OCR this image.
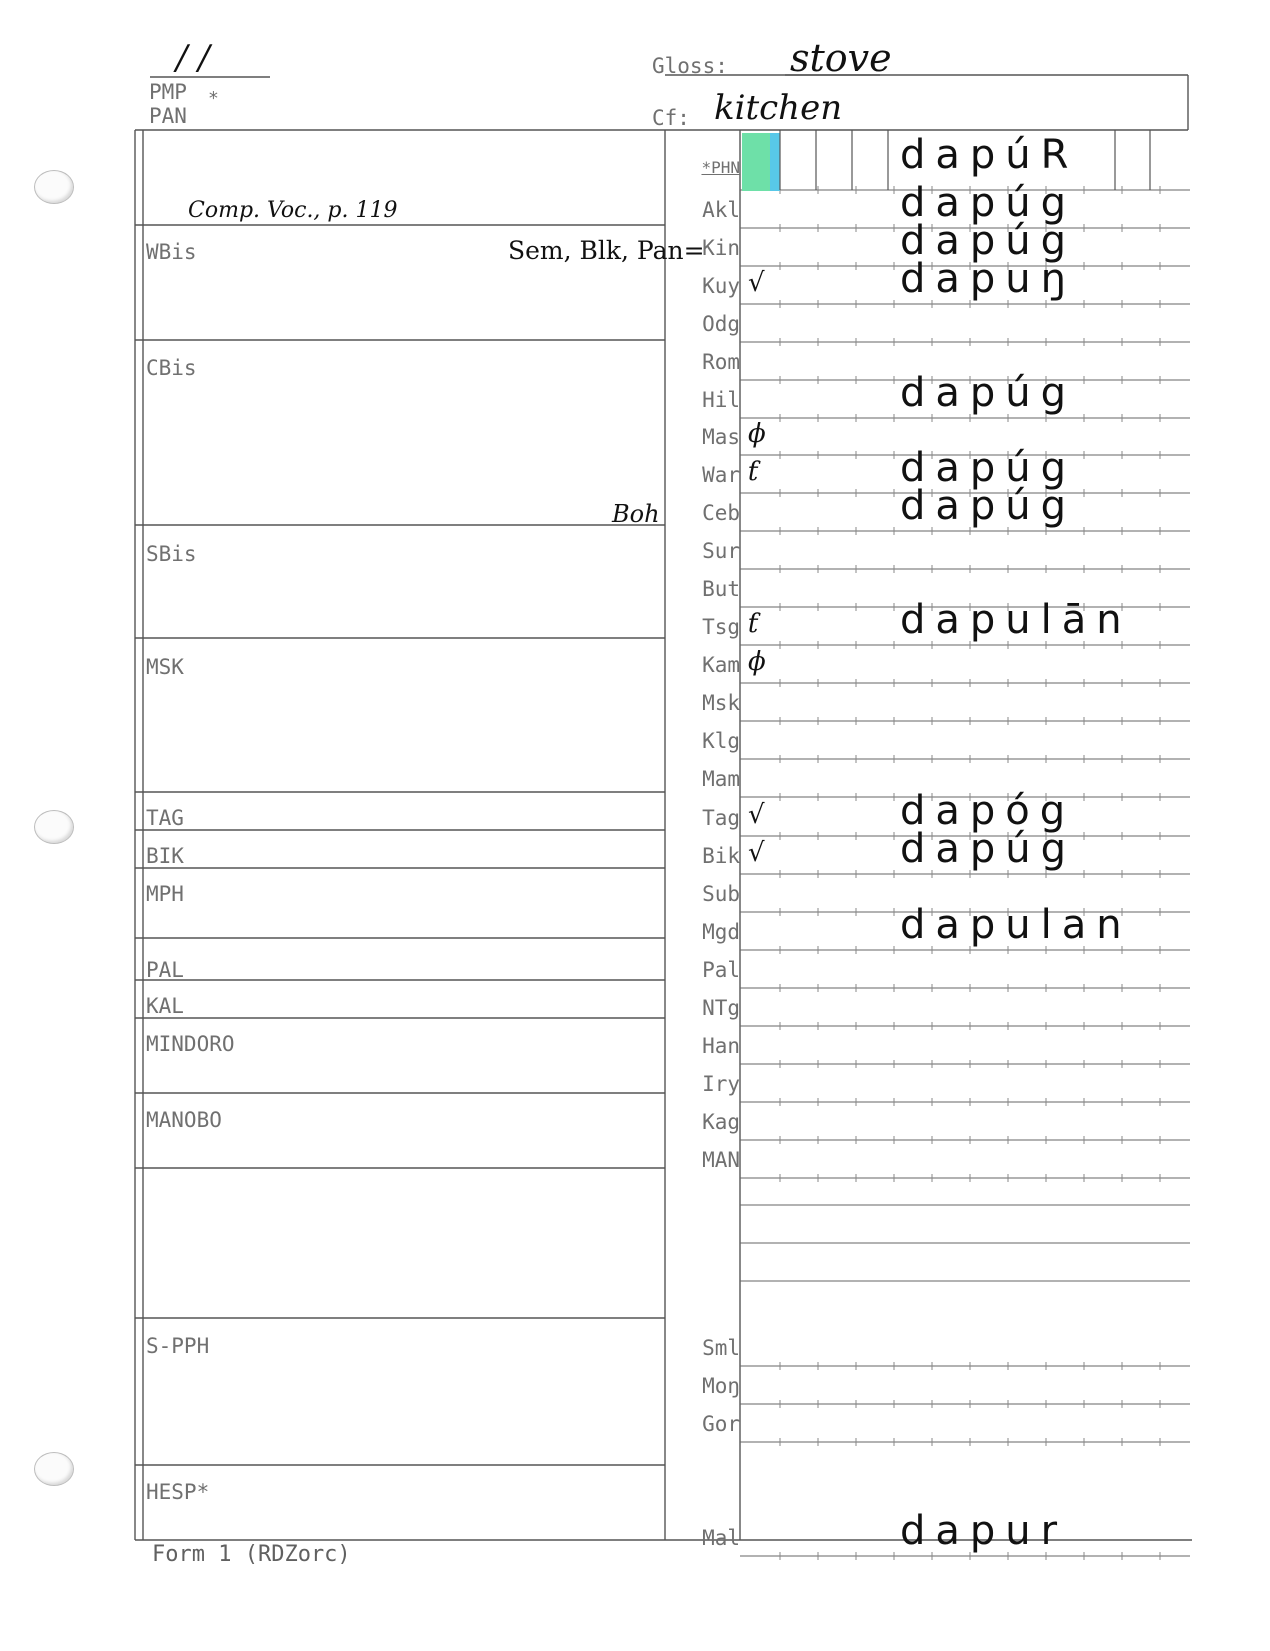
/ /
PMP *
PAN
Gloss: stove
Cf: kitchen
Comp. Voc., p. 119
WBis	Sem, Blk, Pan=
CBis
Boh
SBis
MSK
TAG
BIK
MPH
PAL
KAL
MINDORO
MANOBO
S-PPH
HESP*
*PHN	dapúR
Akl	dapúg
Kin	dapúg
Kuy √	dapuŋ
Odg
Rom
Hil	dapúg
Mas ϕ
War ƭ	dapúg
Ceb	dapúg
Sur
But
Tsg ƭ	dapulān
Kam ϕ
Msk
Klg
Mam
Tag √	dapóg
Bik √	dapúg
Sub
Mgd	dapulan
Pal
NTg
Han
Iry
Kag
MAN
Sml
Moŋ
Gor
Mal	dapur
Form 1 (RDZorc)
